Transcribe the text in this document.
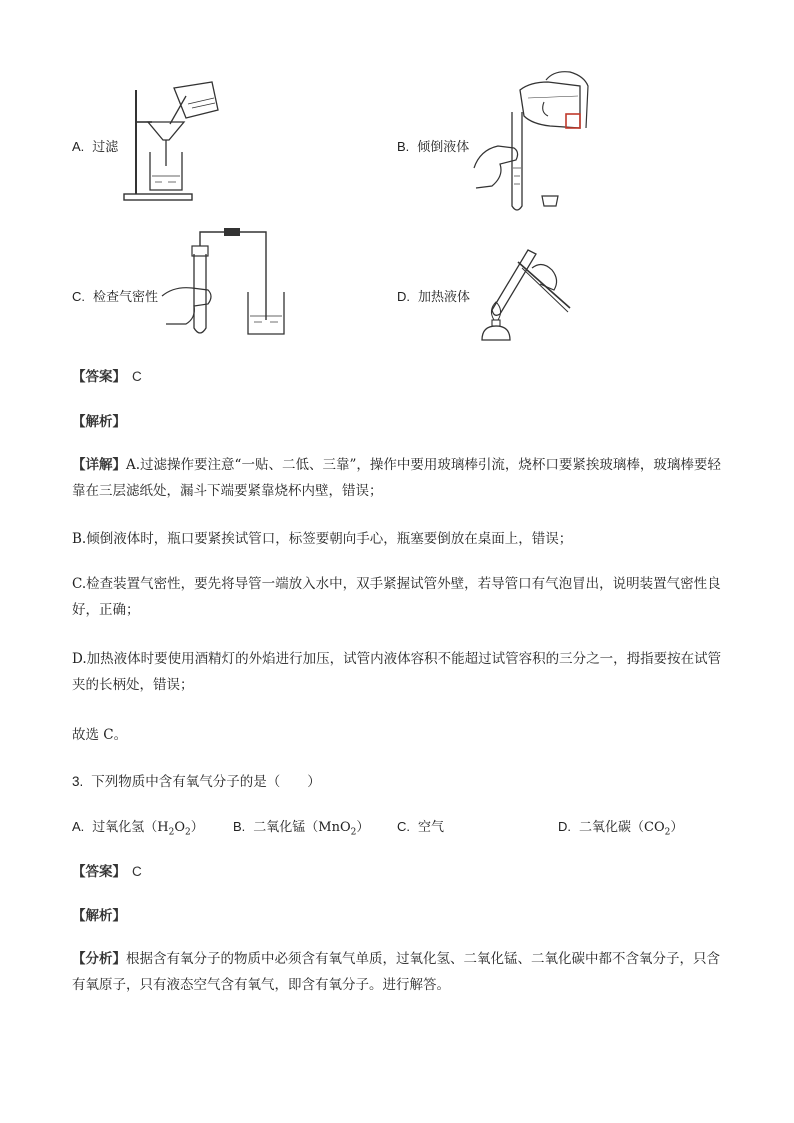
A. 过滤	B. 倾倒液体
C. 检查气密性	D. 加热液体
【答案】 C
【解析】
【详解】A.过滤操作要注意“一贴、二低、三靠”，操作中要用玻璃棒引流，烧杯口要紧挨玻璃棒，玻璃棒要轻靠在三层滤纸处，漏斗下端要紧靠烧杯内壁，错误；
B.倾倒液体时，瓶口要紧挨试管口，标签要朝向手心，瓶塞要倒放在桌面上，错误；
C.检查装置气密性，要先将导管一端放入水中，双手紧握试管外壁，若导管口有气泡冒出，说明装置气密性良好，正确；
D.加热液体时要使用酒精灯的外焰进行加压，试管内液体容积不能超过试管容积的三分之一，拇指要按在试管夹的长柄处，错误；
故选 C。
3. 下列物质中含有氧气分子的是（　　）
A. 过氧化氢$(H_2O_2)$ B. 二氧化锰（MnO$_2$） C. 空气	D. 二氧化碳$(CO_2)$
【答案】 C
【解析】
【分析】根据含有氧分子的物质中必须含有氧气单质，过氧化氢、二氧化锰、二氧化碳中都不含氧分子，只含有氧原子，只有液态空气含有氧气，即含有氧分子。进行解答。
